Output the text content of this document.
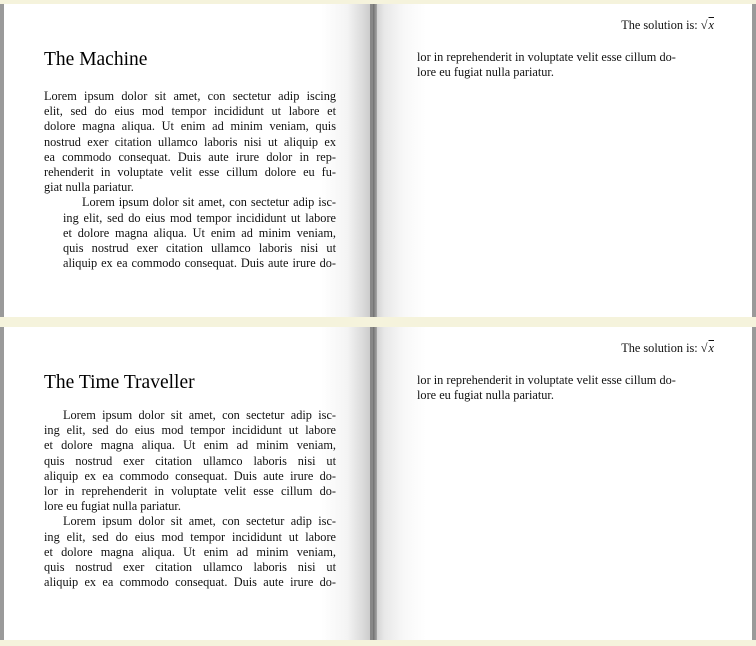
The Machine

Lorem ipsum dolor sit amet, con sectetur adip iscing
elit, sed do eius mod tempor incididunt ut labore et
dolore magna aliqua. Ut enim ad minim veniam, quis
nostrud exer citation ullamco laboris nisi ut aliquip ex
ea commodo consequat. Duis aute irure dolor in rep-
rehenderit in voluptate velit esse cillum dolore eu fu-
giat nulla pariatur.

Lorem ipsum dolor sit amet, con sectetur adip isc-
ing elit, sed do eius mod tempor incididunt ut labore
et dolore magna aliqua. Ut enim ad minim veniam,
quis nostrud exer citation ullamco laboris nisi ut
aliquip ex ea commodo consequat. Duis aute irure do-

The solution is: √x
lor in reprehenderit in voluptate velit esse cillum do-
lore eu fugiat nulla pariatur.
The Time Traveller

Lorem ipsum dolor sit amet, con sectetur adip isc-
ing elit, sed do eius mod tempor incididunt ut labore
et dolore magna aliqua. Ut enim ad minim veniam,
quis nostrud exer citation ullamco laboris nisi ut
aliquip ex ea commodo consequat. Duis aute irure do-
lor in reprehenderit in voluptate velit esse cillum do-
lore eu fugiat nulla pariatur.

Lorem ipsum dolor sit amet, con sectetur adip isc-
ing elit, sed do eius mod tempor incididunt ut labore
et dolore magna aliqua. Ut enim ad minim veniam,
quis nostrud exer citation ullamco laboris nisi ut
aliquip ex ea commodo consequat. Duis aute irure do-

The solution is: √x
lor in reprehenderit in voluptate velit esse cillum do-
lore eu fugiat nulla pariatur.
